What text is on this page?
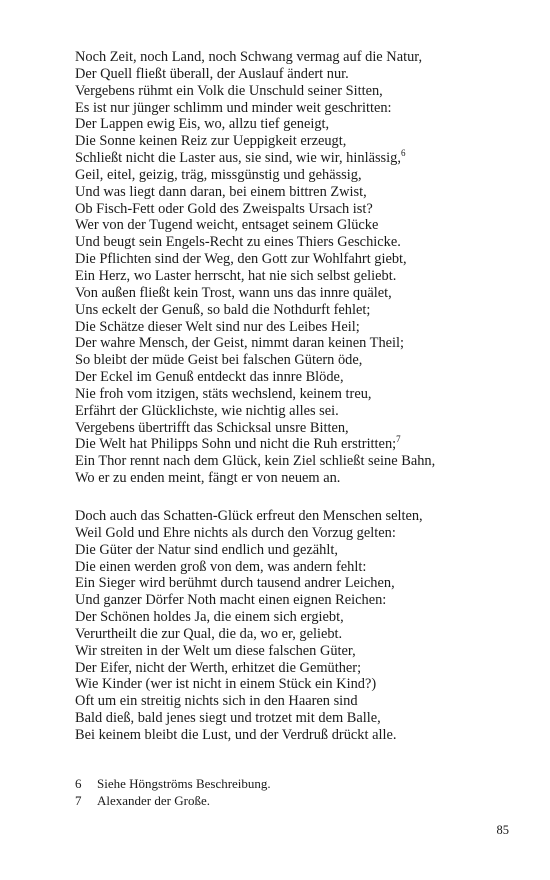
Noch Zeit, noch Land, noch Schwang vermag auf die Natur,
Der Quell fließt überall, der Auslauf ändert nur.
Vergebens rühmt ein Volk die Unschuld seiner Sitten,
Es ist nur jünger schlimm und minder weit geschritten:
Der Lappen ewig Eis, wo, allzu tief geneigt,
Die Sonne keinen Reiz zur Ueppigkeit erzeugt,
Schließt nicht die Laster aus, sie sind, wie wir, hinlässig,$^6$
Geil, eitel, geizig, träg, missgünstig und gehässig,
Und was liegt dann daran, bei einem bittren Zwist,
Ob Fisch-Fett oder Gold des Zweispalts Ursach ist?
Wer von der Tugend weicht, entsaget seinem Glücke
Und beugt sein Engels-Recht zu eines Thiers Geschicke.
Die Pflichten sind der Weg, den Gott zur Wohlfahrt giebt,
Ein Herz, wo Laster herrscht, hat nie sich selbst geliebt.
Von außen fließt kein Trost, wann uns das innre quälet,
Uns eckelt der Genuß, so bald die Nothdurft fehlet;
Die Schätze dieser Welt sind nur des Leibes Heil;
Der wahre Mensch, der Geist, nimmt daran keinen Theil;
So bleibt der müde Geist bei falschen Gütern öde,
Der Eckel im Genuß entdeckt das innre Blöde,
Nie froh vom itzigen, stäts wechslend, keinem treu,
Erfährt der Glücklichste, wie nichtig alles sei.
Vergebens übertrifft das Schicksal unsre Bitten,
Die Welt hat Philipps Sohn und nicht die Ruh erstritten;$^7$
Ein Thor rennt nach dem Glück, kein Ziel schließt seine Bahn,
Wo er zu enden meint, fängt er von neuem an.
Doch auch das Schatten-Glück erfreut den Menschen selten,
Weil Gold und Ehre nichts als durch den Vorzug gelten:
Die Güter der Natur sind endlich und gezählt,
Die einen werden groß von dem, was andern fehlt:
Ein Sieger wird berühmt durch tausend andrer Leichen,
Und ganzer Dörfer Noth macht einen eignen Reichen:
Der Schönen holdes Ja, die einem sich ergiebt,
Verurtheilt die zur Qual, die da, wo er, geliebt.
Wir streiten in der Welt um diese falschen Güter,
Der Eifer, nicht der Werth, erhitzet die Gemüther;
Wie Kinder (wer ist nicht in einem Stück ein Kind?)
Oft um ein streitig nichts sich in den Haaren sind
Bald dieß, bald jenes siegt und trotzet mit dem Balle,
Bei keinem bleibt die Lust, und der Verdruß drückt alle.
6	Siehe Höngströms Beschreibung.
7	Alexander der Große.
85
